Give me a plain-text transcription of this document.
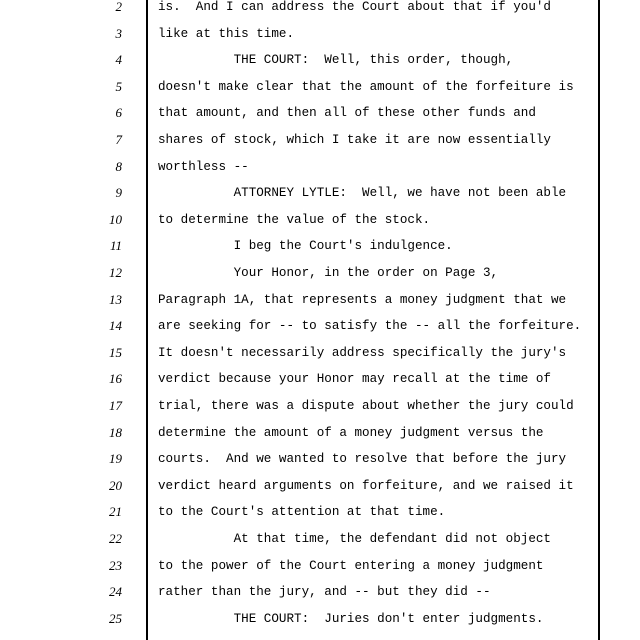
2	is.  And I can address the Court about that if you'd
3	like at this time.
4	THE COURT:  Well, this order, though,
5	doesn't make clear that the amount of the forfeiture is
6	that amount, and then all of these other funds and
7	shares of stock, which I take it are now essentially
8	worthless --
9	ATTORNEY LYTLE:  Well, we have not been able
10	to determine the value of the stock.
11	I beg the Court's indulgence.
12	Your Honor, in the order on Page 3,
13	Paragraph 1A, that represents a money judgment that we
14	are seeking for -- to satisfy the -- all the forfeiture.
15	It doesn't necessarily address specifically the jury's
16	verdict because your Honor may recall at the time of
17	trial, there was a dispute about whether the jury could
18	determine the amount of a money judgment versus the
19	courts.  And we wanted to resolve that before the jury
20	verdict heard arguments on forfeiture, and we raised it
21	to the Court's attention at that time.
22	At that time, the defendant did not object
23	to the power of the Court entering a money judgment
24	rather than the jury, and -- but they did --
25	THE COURT:  Juries don't enter judgments.
